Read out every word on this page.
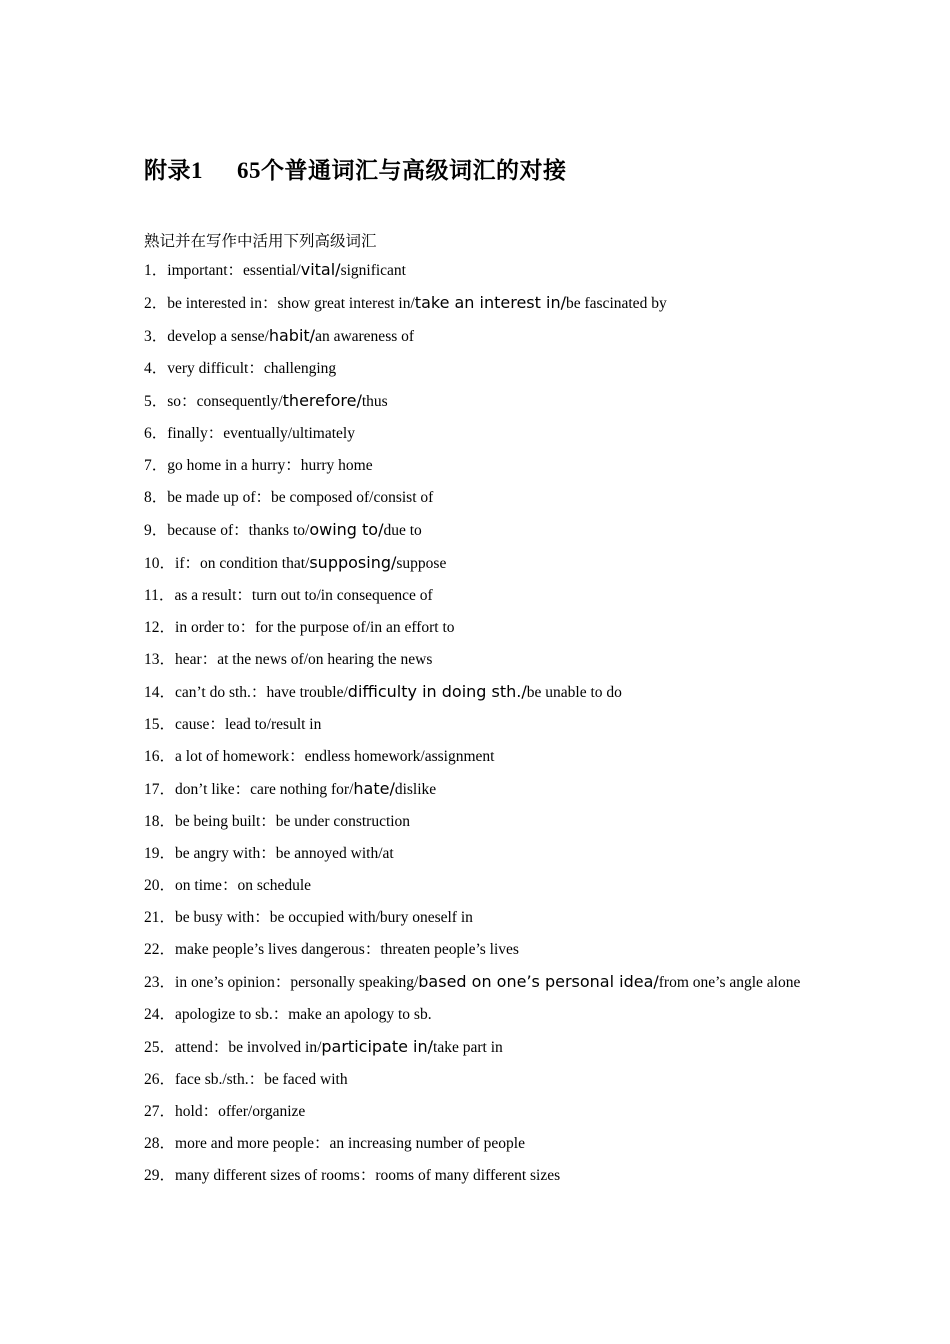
附录1 65个普通词汇与高级词汇的对接
熟记并在写作中活用下列高级词汇
1．important：essential/vital/significant
2．be interested in：show great interest in/take an interest in/be fascinated by
3．develop a sense/habit/an awareness of
4．very difficult：challenging
5．so：consequently/therefore/thus
6．finally：eventually/ultimately
7．go home in a hurry：hurry home
8．be made up of：be composed of/consist of
9．because of：thanks to/owing to/due to
10．if：on condition that/supposing/suppose
11．as a result：turn out to/in consequence of
12．in order to：for the purpose of/in an effort to
13．hear：at the news of/on hearing the news
14．can’t do sth.：have trouble/difficulty in doing sth./be unable to do
15．cause：lead to/result in
16．a lot of homework：endless homework/assignment
17．don’t like：care nothing for/hate/dislike
18．be being built：be under construction
19．be angry with：be annoyed with/at
20．on time：on schedule
21．be busy with：be occupied with/bury oneself in
22．make people’s lives dangerous：threaten people’s lives
23．in one’s opinion：personally speaking/based on one’s personal idea/from one’s angle alone
24．apologize to sb.：make an apology to sb.
25．attend：be involved in/participate in/take part in
26．face sb./sth.：be faced with
27．hold：offer/organize
28．more and more people：an increasing number of people
29．many different sizes of rooms：rooms of many different sizes
